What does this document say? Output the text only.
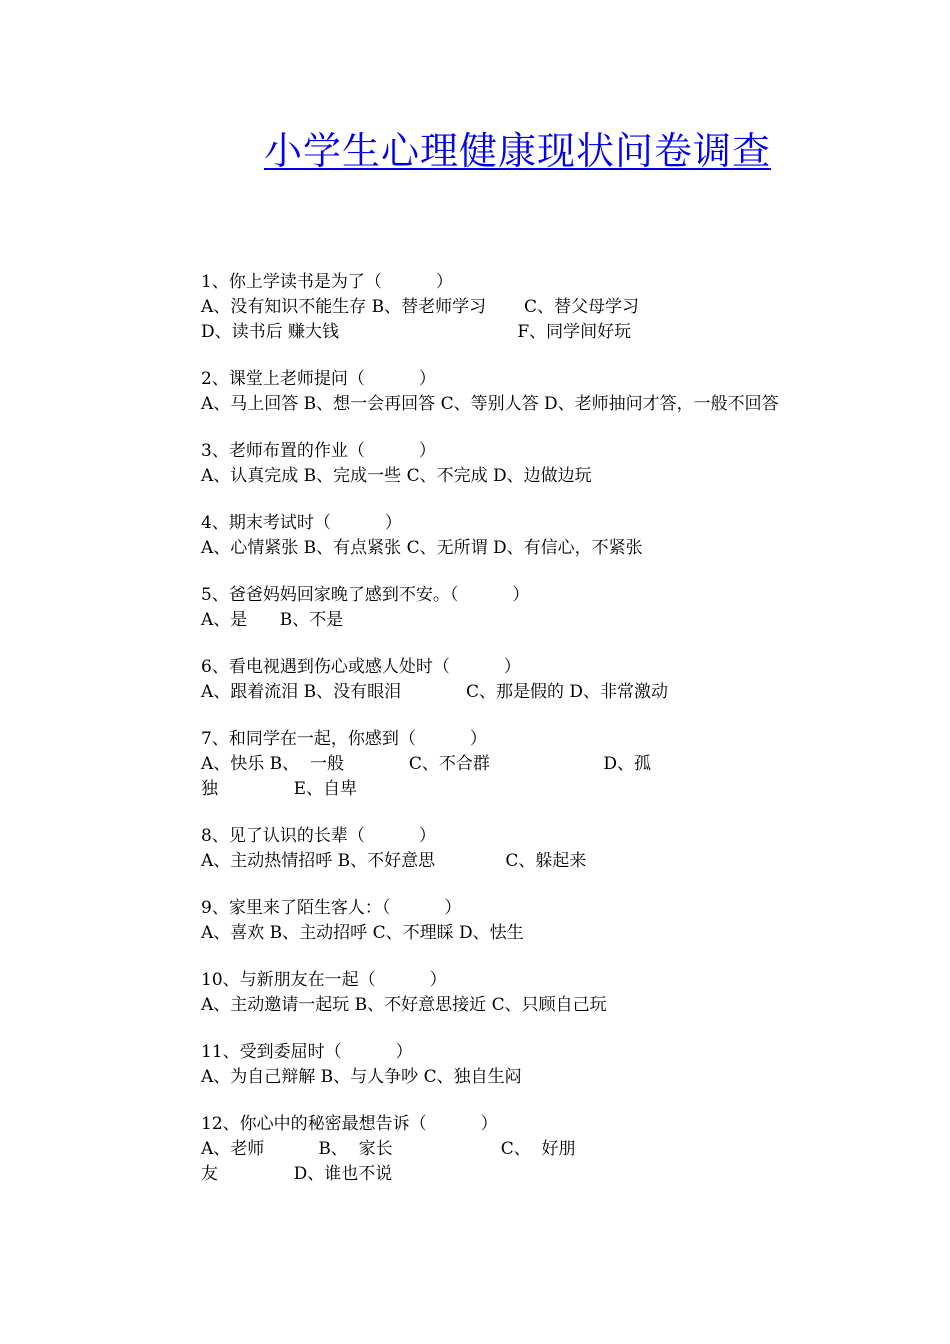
小学生心理健康现状问卷调查
1、你上学读书是为了（          ）
A、没有知识不能生存 B、替老师学习       C、替父母学习
D、读书后 赚大钱                                 F、同学间好玩
2、课堂上老师提问（          ）
A、马上回答 B、想一会再回答 C、等别人答 D、老师抽问才答，一般不回答
3、老师布置的作业（          ）
A、认真完成 B、完成一些 C、不完成 D、边做边玩
4、期末考试时（          ）
A、心情紧张 B、有点紧张 C、无所谓 D、有信心，不紧张
5、爸爸妈妈回家晚了感到不安。（          ）
A、是      B、不是
6、看电视遇到伤心或感人处时（          ）
A、跟着流泪 B、没有眼泪            C、那是假的 D、非常激动
7、和同学在一起，你感到（          ）
A、快乐 B、  一般            C、不合群                     D、孤
独              E、自卑
8、见了认识的长辈（          ）
A、主动热情招呼 B、不好意思             C、躲起来
9、家里来了陌生客人：（          ）
A、喜欢 B、主动招呼 C、不理睬 D、怯生
10、与新朋友在一起（          ）
A、主动邀请一起玩 B、不好意思接近 C、只顾自己玩
11、受到委屈时（          ）
A、为自己辩解 B、与人争吵 C、独自生闷
12、你心中的秘密最想告诉（          ）
A、老师          B、  家长                    C、  好朋
友              D、谁也不说
